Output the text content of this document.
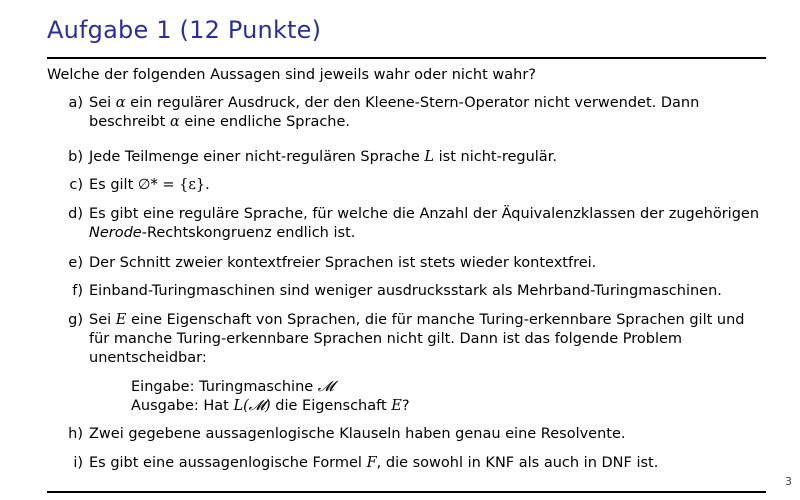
Aufgabe 1 (12 Punkte)
Welche der folgenden Aussagen sind jeweils wahr oder nicht wahr?
a) Sei α ein regulärer Ausdruck, der den Kleene-Stern-Operator nicht verwendet. Dann beschreibt α eine endliche Sprache.
b) Jede Teilmenge einer nicht-regulären Sprache L ist nicht-regulär.
c) Es gilt ∅* = {ε}.
d) Es gibt eine reguläre Sprache, für welche die Anzahl der Äquivalenzklassen der zugehörigen Nerode-Rechtskongruenz endlich ist.
e) Der Schnitt zweier kontextfreier Sprachen ist stets wieder kontextfrei.
f) Einband-Turingmaschinen sind weniger ausdrucksstark als Mehrband-Turingmaschinen.
g) Sei E eine Eigenschaft von Sprachen, die für manche Turing-erkennbare Sprachen gilt und für manche Turing-erkennbare Sprachen nicht gilt. Dann ist das folgende Problem unentscheidbar:
Eingabe: Turingmaschine 𝓜
Ausgabe: Hat L(𝓜) die Eigenschaft E?
h) Zwei gegebene aussagenlogische Klauseln haben genau eine Resolvente.
i) Es gibt eine aussagenlogische Formel F, die sowohl in KNF als auch in DNF ist.
3
